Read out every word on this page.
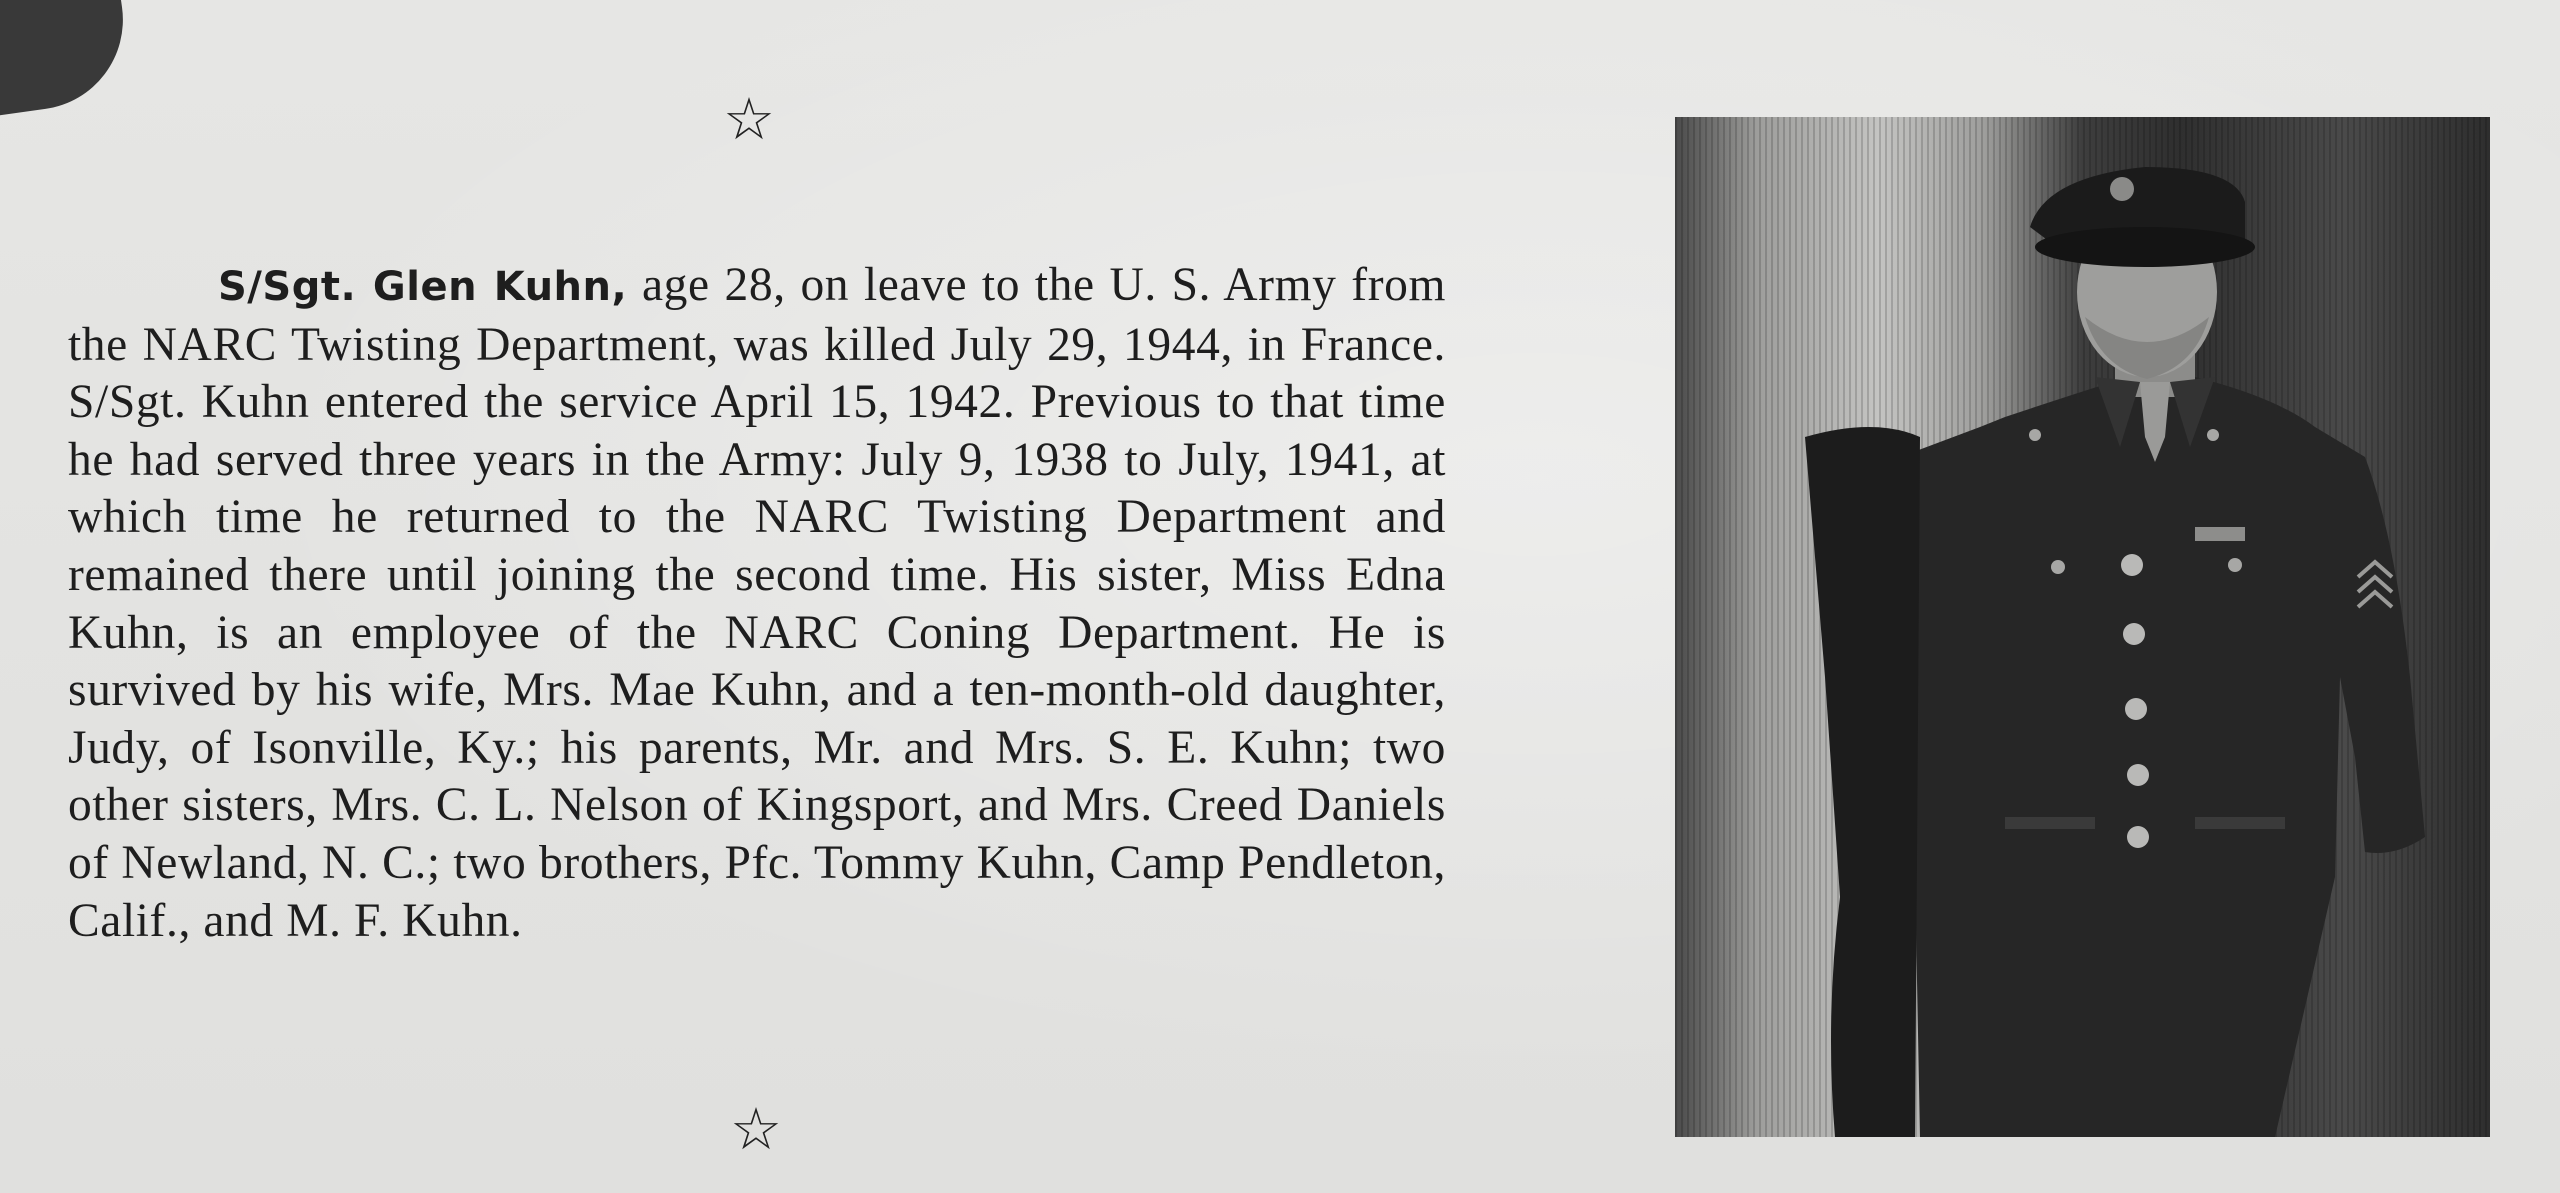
☆

S/Sgt. Glen Kuhn, age 28, on leave to the U. S. Army from the NARC Twisting Department, was killed July 29, 1944, in France. S/Sgt. Kuhn entered the service April 15, 1942. Previous to that time he had served three years in the Army: July 9, 1938 to July, 1941, at which time he returned to the NARC Twisting Department and remained there until joining the second time. His sister, Miss Edna Kuhn, is an employee of the NARC Coning Department. He is survived by his wife, Mrs. Mae Kuhn, and a ten-month-old daughter, Judy, of Isonville, Ky.; his parents, Mr. and Mrs. S. E. Kuhn; two other sisters, Mrs. C. L. Nelson of Kingsport, and Mrs. Creed Daniels of Newland, N. C.; two brothers, Pfc. Tommy Kuhn, Camp Pendleton, Calif., and M. F. Kuhn.

☆
